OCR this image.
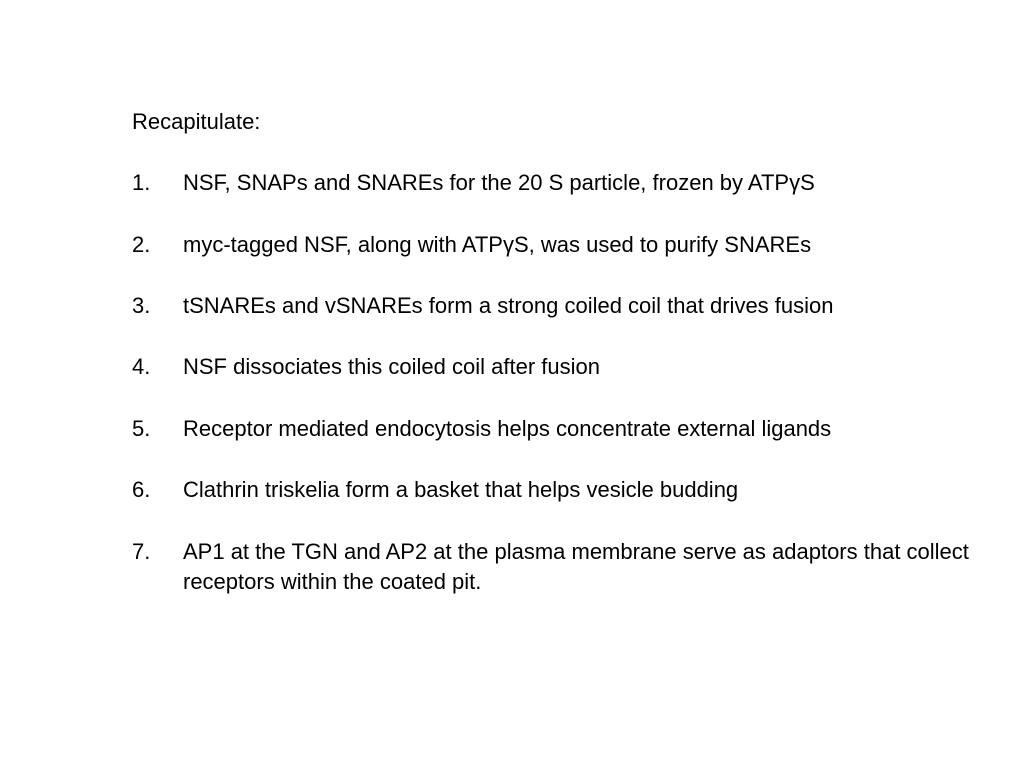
Recapitulate:
1. NSF, SNAPs and SNAREs for the 20 S particle, frozen by ATPγS
2. myc-tagged NSF, along with ATPγS, was used to purify SNAREs
3. tSNAREs and vSNAREs form a strong coiled coil that drives fusion
4. NSF dissociates this coiled coil after fusion
5. Receptor mediated endocytosis helps concentrate external ligands
6. Clathrin triskelia form a basket that helps vesicle budding
7. AP1 at the TGN and AP2 at the plasma membrane serve as adaptors that collect receptors within the coated pit.
